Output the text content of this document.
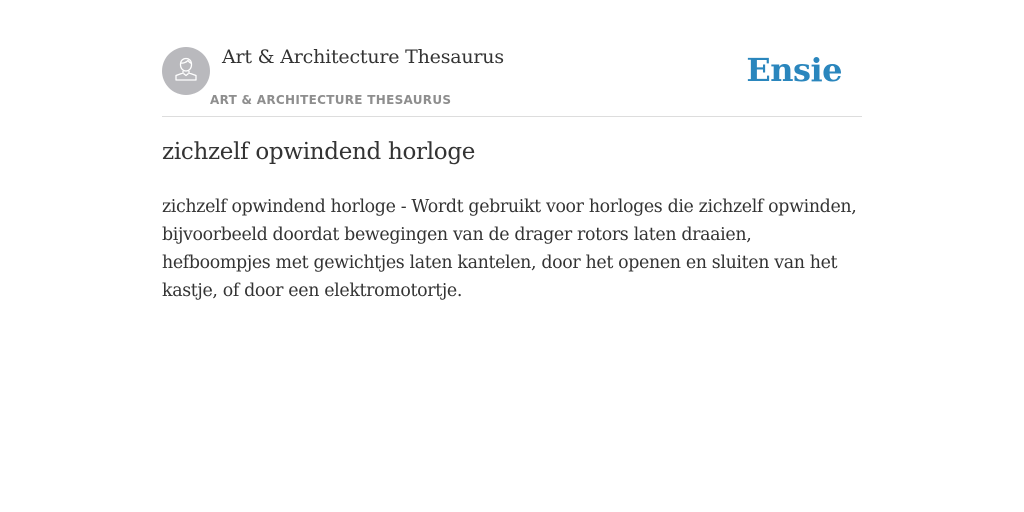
Art & Architecture Thesaurus
ART & ARCHITECTURE THESAURUS
Ensie
zichzelf opwindend horloge

zichzelf opwindend horloge - Wordt gebruikt voor horloges die zichzelf opwinden, bijvoorbeeld doordat bewegingen van de drager rotors laten draaien, hefboompjes met gewichtjes laten kantelen, door het openen en sluiten van het kastje, of door een elektromotortje.
